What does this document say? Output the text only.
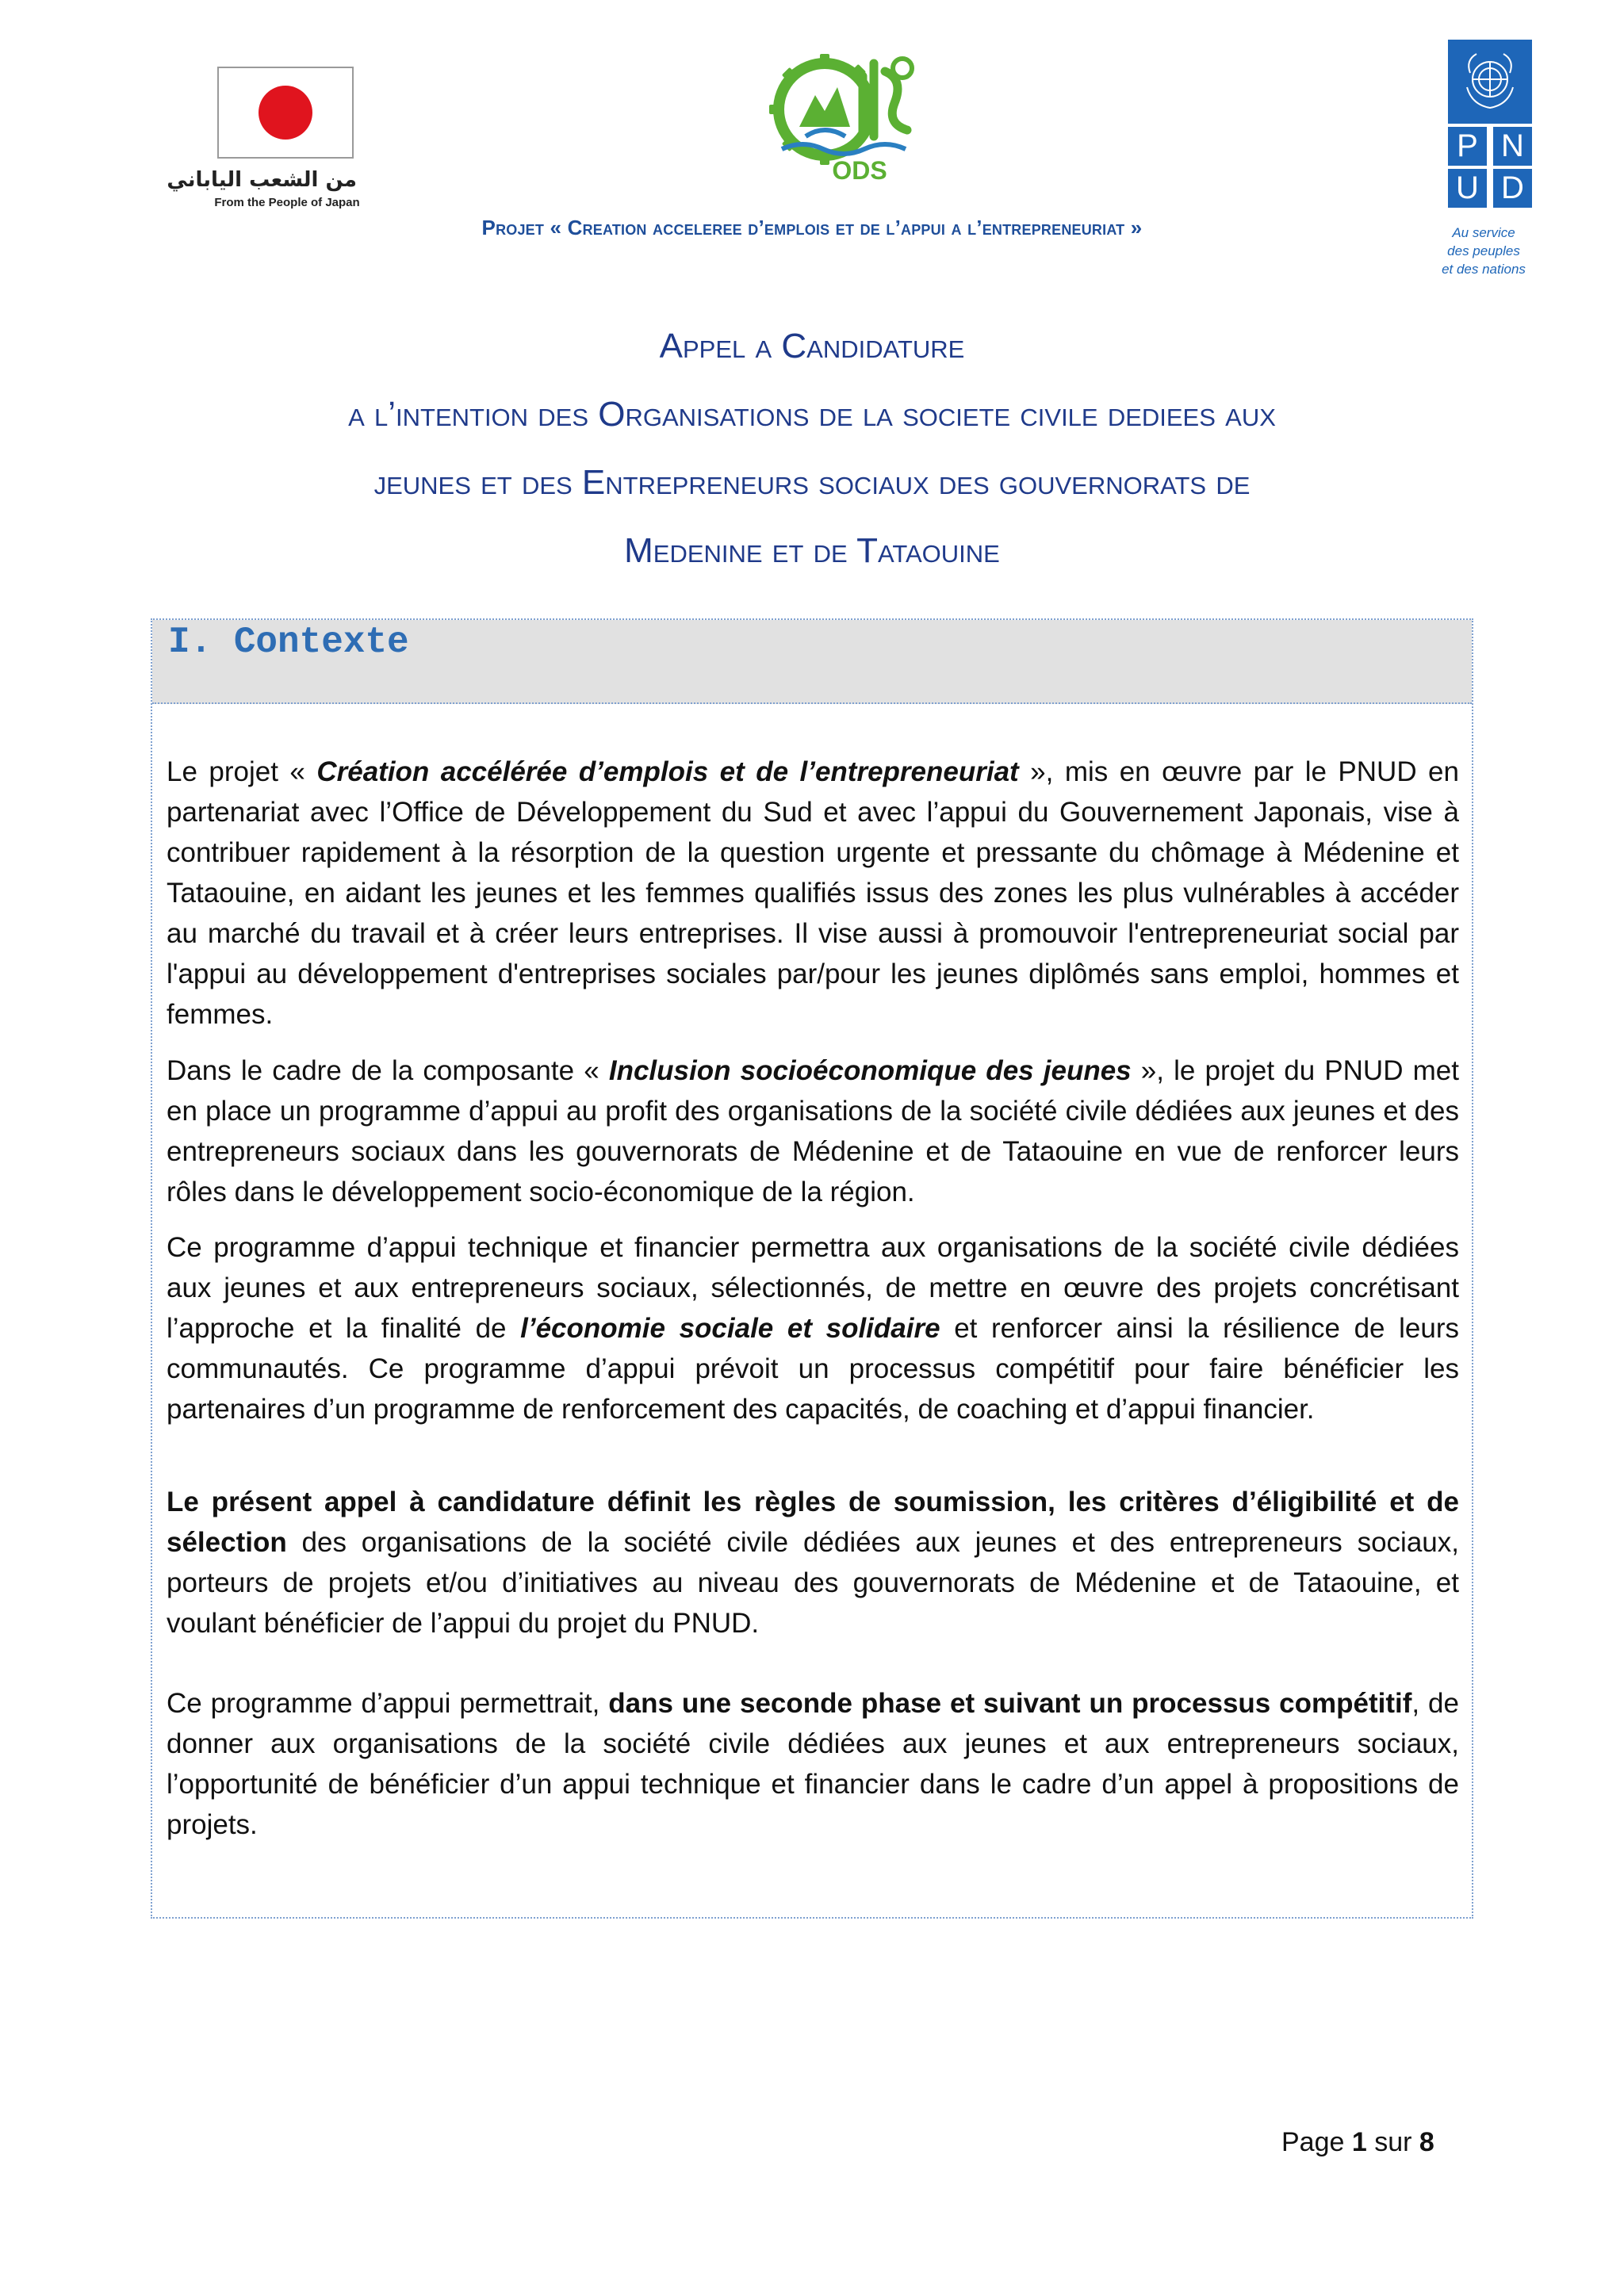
من الشعب الياباني
From the People of Japan
ODS
P N
U D
Au service
des peuples
et des nations
Projet « Creation acceleree d’emplois et de l’appui a l’entrepreneuriat »
Appel a Candidature
a l’intention des Organisations de la societe civile dediees aux
jeunes et des Entrepreneurs sociaux des gouvernorats de
Medenine et de Tataouine
I. Contexte
Le projet « Création accélérée d’emplois et de l’entrepreneuriat », mis en œuvre par le PNUD en partenariat avec l’Office de Développement du Sud et avec l’appui du Gouvernement Japonais, vise à contribuer rapidement à la résorption de la question urgente et pressante du chômage à Médenine et Tataouine, en aidant les jeunes et les femmes qualifiés issus des zones les plus vulnérables à accéder au marché du travail et à créer leurs entreprises. Il vise aussi à promouvoir l'entrepreneuriat social par l'appui au développement d'entreprises sociales par/pour les jeunes diplômés sans emploi, hommes et femmes.
Dans le cadre de la composante « Inclusion socioéconomique des jeunes », le projet du PNUD met en place un programme d’appui au profit des organisations de la société civile dédiées aux jeunes et des entrepreneurs sociaux dans les gouvernorats de Médenine et de Tataouine en vue de renforcer leurs rôles dans le développement socio-économique de la région.
Ce programme d’appui technique et financier permettra aux organisations de la société civile dédiées aux jeunes et aux entrepreneurs sociaux, sélectionnés, de mettre en œuvre des projets concrétisant l’approche et la finalité de l’économie sociale et solidaire et renforcer ainsi la résilience de leurs communautés. Ce programme d’appui prévoit un processus compétitif pour faire bénéficier les partenaires d’un programme de renforcement des capacités, de coaching et d’appui financier.
Le présent appel à candidature définit les règles de soumission, les critères d’éligibilité et de sélection des organisations de la société civile dédiées aux jeunes et des entrepreneurs sociaux, porteurs de projets et/ou d’initiatives au niveau des gouvernorats de Médenine et de Tataouine, et voulant bénéficier de l’appui du projet du PNUD.
Ce programme d’appui permettrait, dans une seconde phase et suivant un processus compétitif, de donner aux organisations de la société civile dédiées aux jeunes et aux entrepreneurs sociaux, l’opportunité de bénéficier d’un appui technique et financier dans le cadre d’un appel à propositions de projets.
Page 1 sur 8
